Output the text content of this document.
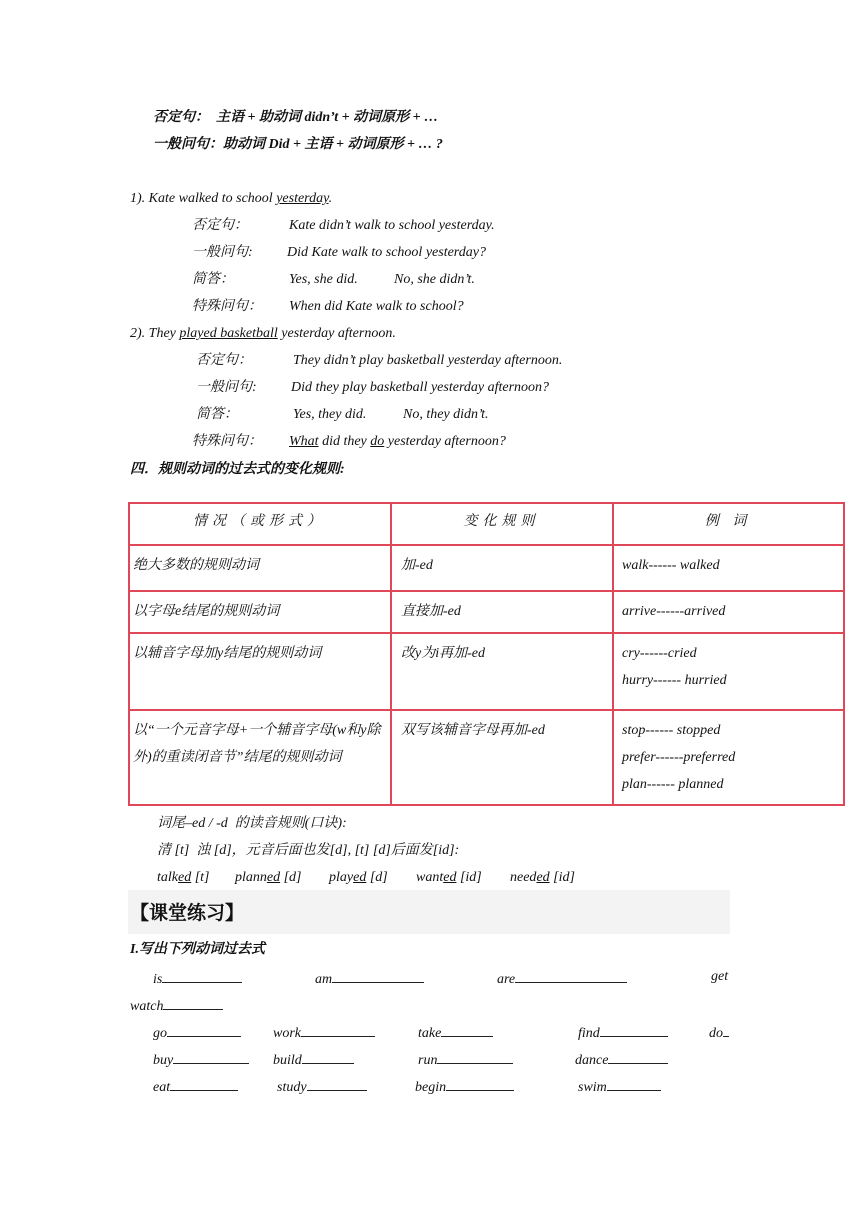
否定句：  主语 + 助动词 didn’t + 动词原形 + …
一般问句：助动词 Did + 主语 + 动词原形 + … ?
1). Kate walked to school yesterday.
否定句：	Kate didn’t walk to school yesterday.
一般问句: Did Kate walk to school yesterday?
简答：	Yes, she did.	No, she didn’t.
特殊问句： When did Kate walk to school?
2). They played basketball yesterday afternoon.
否定句：	They didn’t play basketball yesterday afternoon.
一般问句: Did they play basketball yesterday afternoon?
简答：	Yes, they did.	No, they didn’t.
特殊问句： What did they do yesterday afternoon?
四．规则动词的过去式的变化规则:
情况（或形式）	变化规则	例 词
绝大多数的规则动词	加-ed	walk------ walked

以字母e结尾的规则动词	直接加-ed	arrive------arrived

以辅音字母加y结尾的规则动词	改y为i再加-ed	cry------cried
hurry------ hurried

以“一个元音字母+一个辅音字母(w和y除外)的重读闭音节”结尾的规则动词	双写该辅音字母再加-ed	stop------ stopped
prefer------preferred
plan------ planned
词尾–ed / -d  的读音规则(口诀):
清 [t]  浊 [d]，元音后面也发[d], [t] [d]后面发[id]:
talked [t] planned [d] played [d] wanted [id] needed [id]
【课堂练习】
I.写出下列动词过去式
is	am	are	get
watch
go	work	take	find	do
buy	build	run	dance
eat	study	begin	swim
